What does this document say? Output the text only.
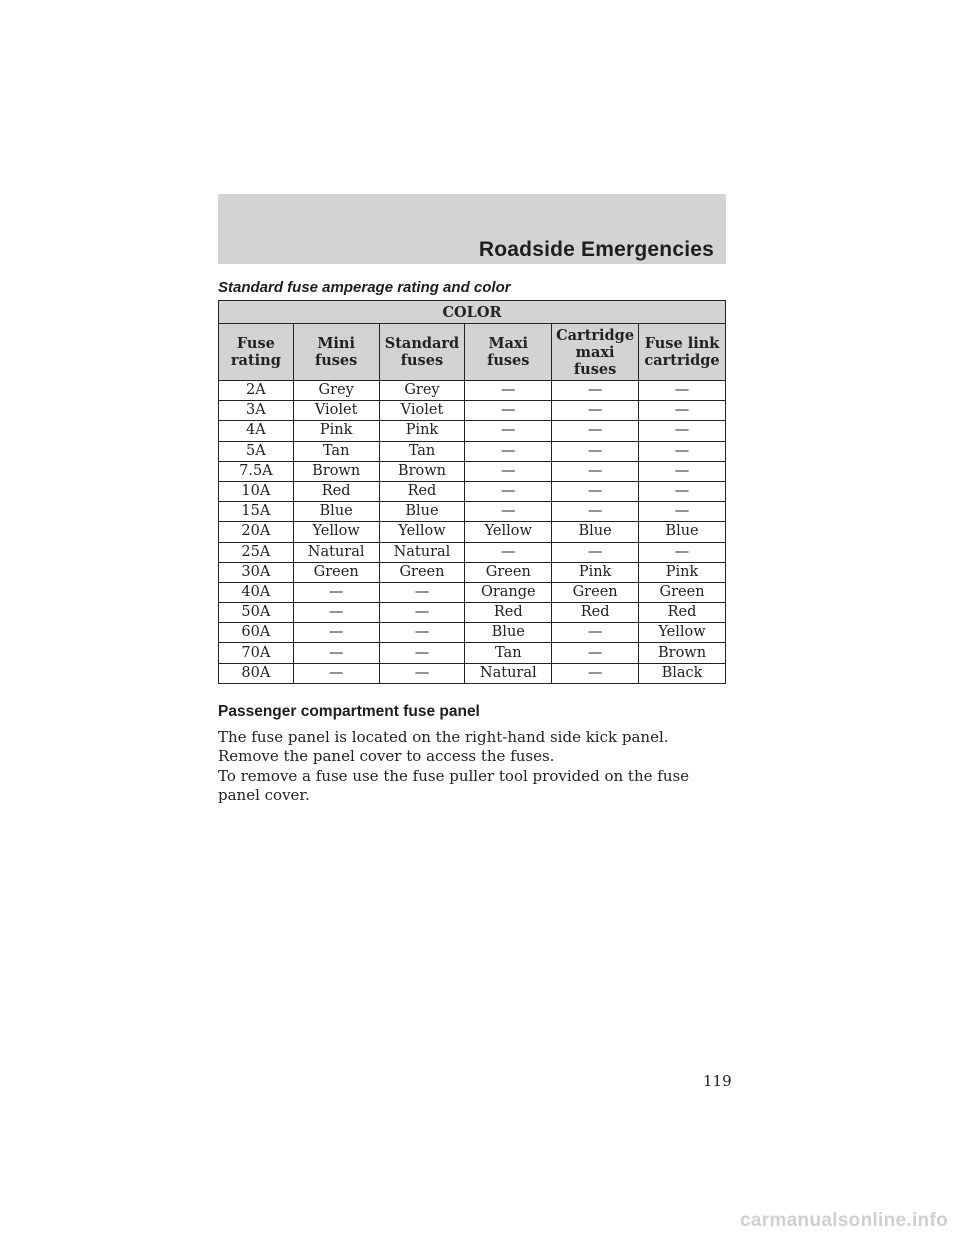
Roadside Emergencies
Standard fuse amperage rating and color
COLOR					
Fuse rating	Mini fuses	Standard fuses	Maxi fuses	Cartridge maxi fuses	Fuse link cartridge
2A	Grey	Grey	—	—	—
3A	Violet	Violet	—	—	—
4A	Pink	Pink	—	—	—
5A	Tan	Tan	—	—	—
7.5A	Brown	Brown	—	—	—
10A	Red	Red	—	—	—
15A	Blue	Blue	—	—	—
20A	Yellow	Yellow	Yellow	Blue	Blue
25A	Natural	Natural	—	—	—
30A	Green	Green	Green	Pink	Pink
40A	—	—	Orange	Green	Green
50A	—	—	Red	Red	Red
60A	—	—	Blue	—	Yellow
70A	—	—	Tan	—	Brown
80A	—	—	Natural	—	Black
Passenger compartment fuse panel

The fuse panel is located on the right-hand side kick panel. Remove the panel cover to access the fuses.

To remove a fuse use the fuse puller tool provided on the fuse panel cover.

119
carmanualsonline.info
